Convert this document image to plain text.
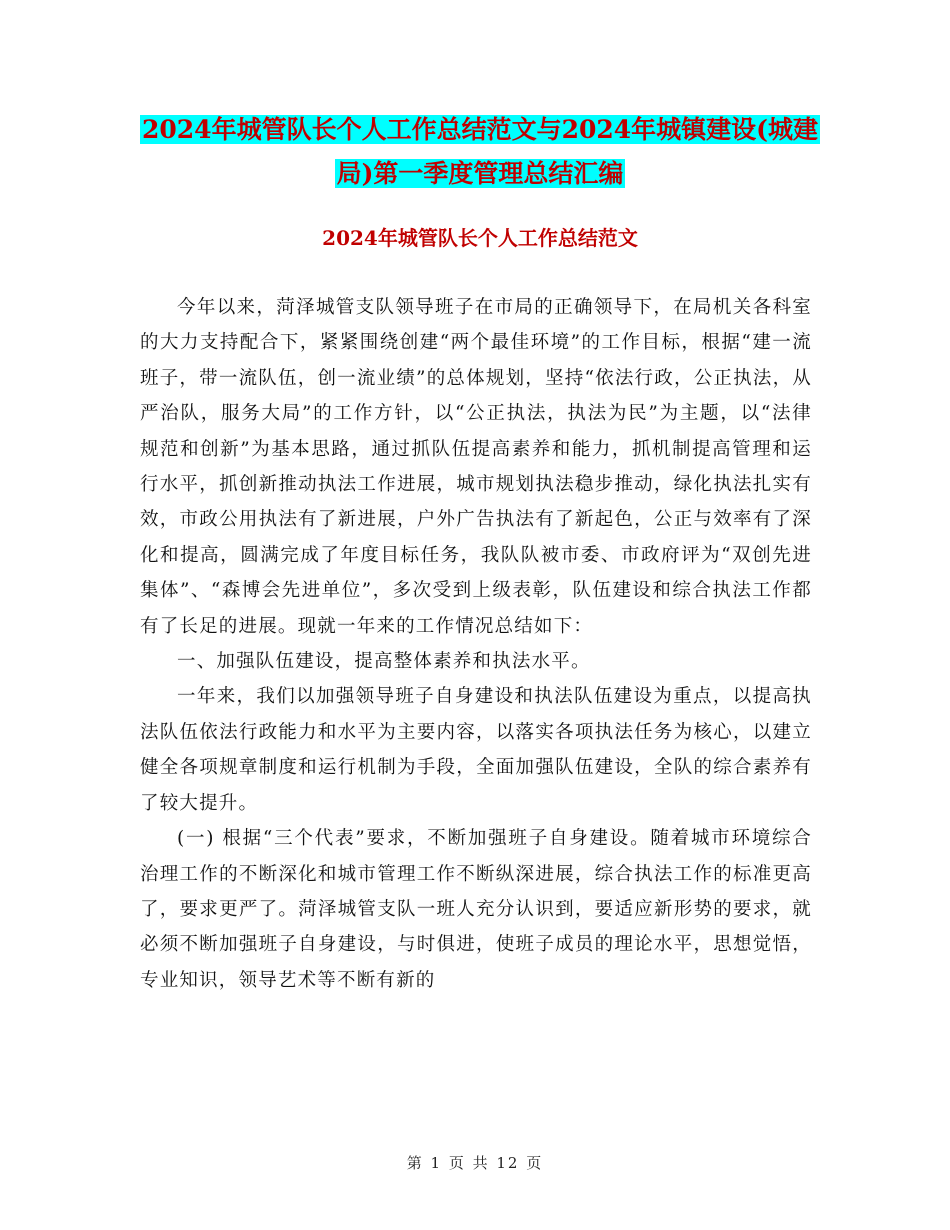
2024年城管队长个人工作总结范文与2024年城镇建设(城建局)第一季度管理总结汇编
2024年城管队长个人工作总结范文

今年以来，菏泽城管支队领导班子在市局的正确领导下，在局机关各科室的大力支持配合下，紧紧围绕创建“两个最佳环境”的工作目标，根据“建一流班子，带一流队伍，创一流业绩”的总体规划，坚持“依法行政，公正执法，从严治队，服务大局”的工作方针，以“公正执法，执法为民”为主题，以“法律规范和创新”为基本思路，通过抓队伍提高素养和能力，抓机制提高管理和运行水平，抓创新推动执法工作进展，城市规划执法稳步推动，绿化执法扎实有效，市政公用执法有了新进展，户外广告执法有了新起色，公正与效率有了深化和提高，圆满完成了年度目标任务，我队队被市委、市政府评为“双创先进集体”、“森博会先进单位”，多次受到上级表彰，队伍建设和综合执法工作都有了长足的进展。现就一年来的工作情况总结如下：

一、加强队伍建设，提高整体素养和执法水平。

一年来，我们以加强领导班子自身建设和执法队伍建设为重点，以提高执法队伍依法行政能力和水平为主要内容，以落实各项执法任务为核心，以建立健全各项规章制度和运行机制为手段，全面加强队伍建设，全队的综合素养有了较大提升。

(一) 根据“三个代表”要求，不断加强班子自身建设。随着城市环境综合治理工作的不断深化和城市管理工作不断纵深进展，综合执法工作的标准更高了，要求更严了。菏泽城管支队一班人充分认识到，要适应新形势的要求，就必须不断加强班子自身建设，与时俱进，使班子成员的理论水平，思想觉悟，专业知识，领导艺术等不断有新的

第 1 页 共 12 页
